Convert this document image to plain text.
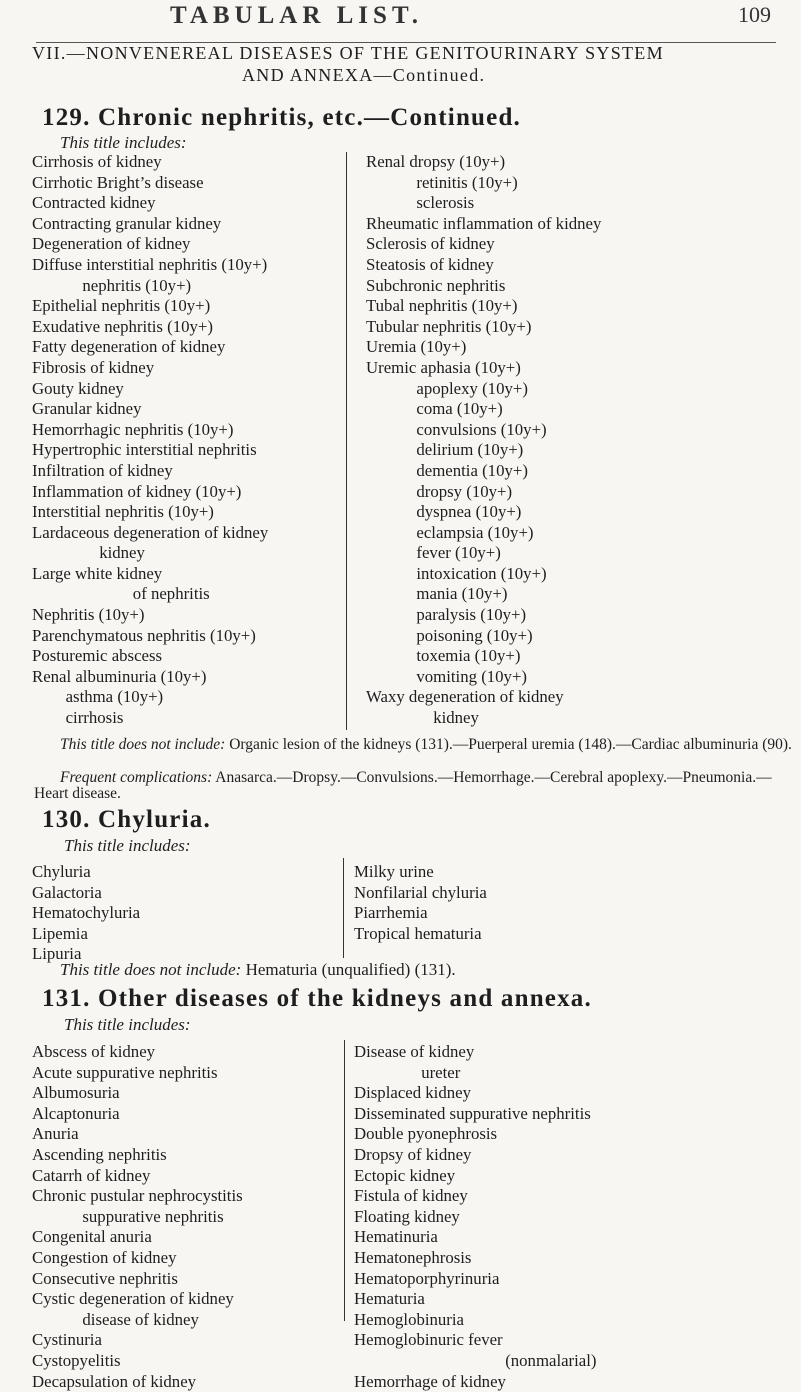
TABULAR LIST.	109
VII.—NONVENEREAL DISEASES OF THE GENITOURINARY SYSTEM
AND ANNEXA—Continued.
129. Chronic nephritis, etc.—Continued.
This title includes:
Cirrhosis of kidney
Cirrhotic Bright’s disease
Contracted kidney
Contracting granular kidney
Degeneration of kidney
Diffuse interstitial nephritis (10y+)
nephritis (10y+)
Epithelial nephritis (10y+)
Exudative nephritis (10y+)
Fatty degeneration of kidney
Fibrosis of kidney
Gouty kidney
Granular kidney
Hemorrhagic nephritis (10y+)
Hypertrophic interstitial nephritis
Infiltration of kidney
Inflammation of kidney (10y+)
Interstitial nephritis (10y+)
Lardaceous degeneration of kidney
kidney
Large white kidney
of nephritis
Nephritis (10y+)
Parenchymatous nephritis (10y+)
Posturemic abscess
Renal albuminuria (10y+)
asthma (10y+)
cirrhosis
Renal dropsy (10y+)
retinitis (10y+)
sclerosis
Rheumatic inflammation of kidney
Sclerosis of kidney
Steatosis of kidney
Subchronic nephritis
Tubal nephritis (10y+)
Tubular nephritis (10y+)
Uremia (10y+)
Uremic aphasia (10y+)
apoplexy (10y+)
coma (10y+)
convulsions (10y+)
delirium (10y+)
dementia (10y+)
dropsy (10y+)
dyspnea (10y+)
eclampsia (10y+)
fever (10y+)
intoxication (10y+)
mania (10y+)
paralysis (10y+)
poisoning (10y+)
toxemia (10y+)
vomiting (10y+)
Waxy degeneration of kidney
kidney
This title does not include: Organic lesion of the kidneys (131).—Puerperal uremia (148).—Cardiac albuminuria (90).
Frequent complications: Anasarca.—Dropsy.—Convulsions.—Hemorrhage.—Cerebral apoplexy.—Pneumonia.—Heart disease.
130. Chyluria.
This title includes:
Chyluria
Galactoria
Hematochyluria
Lipemia
Lipuria
Milky urine
Nonfilarial chyluria
Piarrhemia
Tropical hematuria
This title does not include: Hematuria (unqualified) (131).
131. Other diseases of the kidneys and annexa.
This title includes:
Abscess of kidney
Acute suppurative nephritis
Albumosuria
Alcaptonuria
Anuria
Ascending nephritis
Catarrh of kidney
Chronic pustular nephrocystitis
suppurative nephritis
Congenital anuria
Congestion of kidney
Consecutive nephritis
Cystic degeneration of kidney
disease of kidney
Cystinuria
Cystopyelitis
Decapsulation of kidney
Disease of kidney
ureter
Displaced kidney
Disseminated suppurative nephritis
Double pyonephrosis
Dropsy of kidney
Ectopic kidney
Fistula of kidney
Floating kidney
Hematinuria
Hematonephrosis
Hematoporphyrinuria
Hematuria
Hemoglobinuria
Hemoglobinuric fever
(nonmalarial)
Hemorrhage of kidney
